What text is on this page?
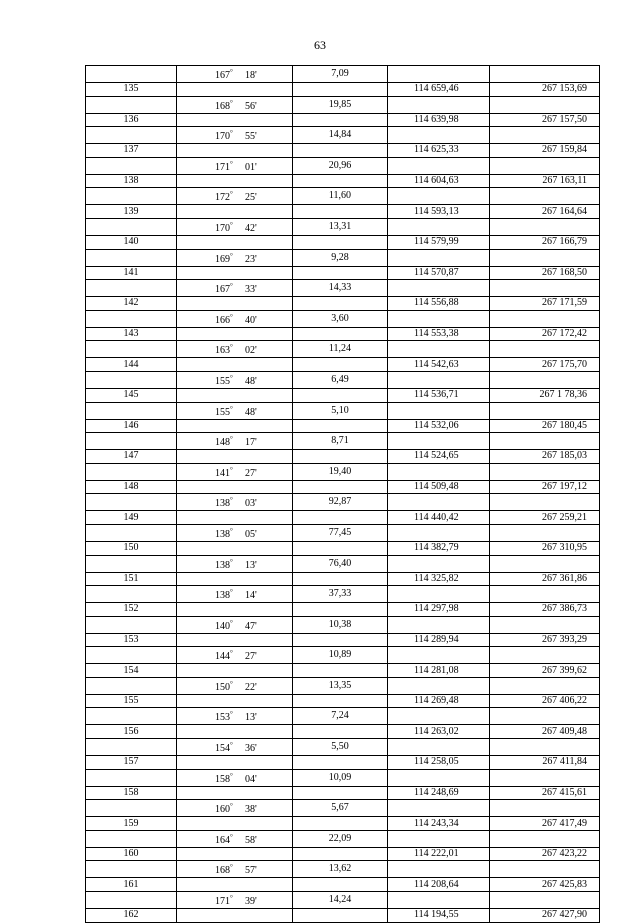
63
	167° 18'	7,09		
135			114 659,46	267 153,69
	168° 56'	19,85		
136			114 639,98	267 157,50
	170° 55'	14,84		
137			114 625,33	267 159,84
	171° 01'	20,96		
138			114 604,63	267 163,11
	172° 25'	11,60		
139			114 593,13	267 164,64
	170° 42'	13,31		
140			114 579,99	267 166,79
	169° 23'	9,28		
141			114 570,87	267 168,50
	167° 33'	14,33		
142			114 556,88	267 171,59
	166° 40'	3,60		
143			114 553,38	267 172,42
	163° 02'	11,24		
144			114 542,63	267 175,70
	155° 48'	6,49		
145			114 536,71	267 1 78,36
	155° 48'	5,10		
146			114 532,06	267 180,45
	148° 17'	8,71		
147			114 524,65	267 185,03
	141° 27'	19,40		
148			114 509,48	267 197,12
	138° 03'	92,87		
149			114 440,42	267 259,21
	138° 05'	77,45		
150			114 382,79	267 310,95
	138° 13'	76,40		
151			114 325,82	267 361,86
	138° 14'	37,33		
152			114 297,98	267 386,73
	140° 47'	10,38		
153			114 289,94	267 393,29
	144° 27'	10,89		
154			114 281,08	267 399,62
	150° 22'	13,35		
155			114 269,48	267 406,22
	153° 13'	7,24		
156			114 263,02	267 409,48
	154° 36'	5,50		
157			114 258,05	267 411,84
	158° 04'	10,09		
158			114 248,69	267 415,61
	160° 38'	5,67		
159			114 243,34	267 417,49
	164° 58'	22,09		
160			114 222,01	267 423,22
	168° 57'	13,62		
161			114 208,64	267 425,83
	171° 39'	14,24		
162			114 194,55	267 427,90
